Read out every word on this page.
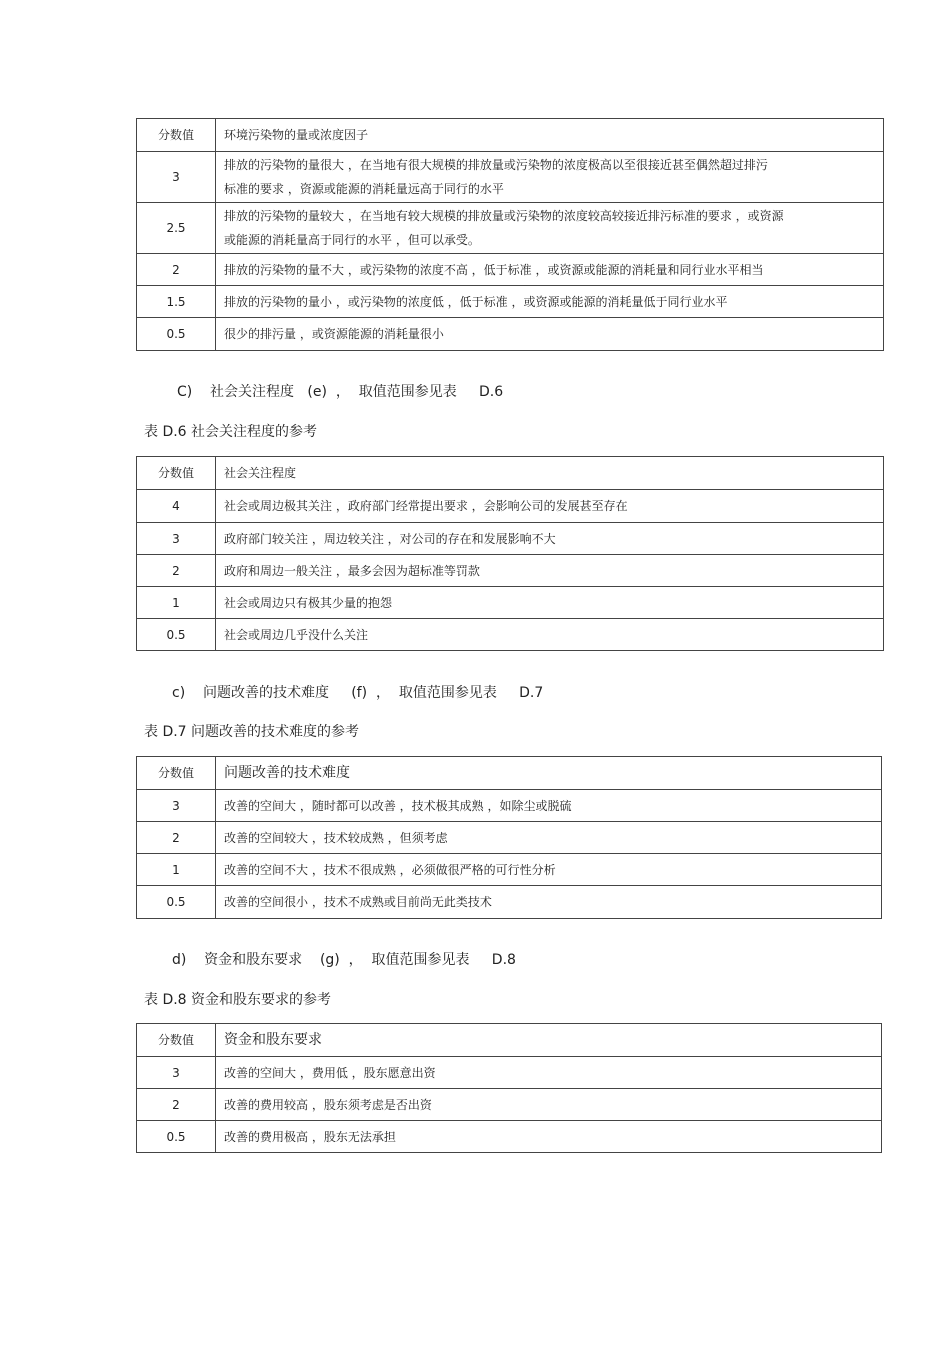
分数值	环境污染物的量或浓度因子
3	排放的污染物的量很大 ，在当地有很大规模的排放量或污染物的浓度极高以至很接近甚至偶然超过排污
标准的要求 ，资源或能源的消耗量远高于同行的水平

2.5	排放的污染物的量较大 ，在当地有较大规模的排放量或污染物的浓度较高较接近排污标准的要求 ，或资源
或能源的消耗量高于同行的水平 ，但可以承受。

2	排放的污染物的量不大 ，或污染物的浓度不高 ，低于标准 ，或资源或能源的消耗量和同行业水平相当
1.5	排放的污染物的量小 ，或污染物的浓度低 ，低于标准 ，或资源或能源的消耗量低于同行业水平
0.5	很少的排污量 ，或资源能源的消耗量很小
C)    社会关注程度   (e)  ，  取值范围参见表     D.6
表 D.6 社会关注程度的参考
分数值	社会关注程度
4	社会或周边极其关注 ，政府部门经常提出要求 ，会影响公司的发展甚至存在
3	政府部门较关注 ，周边较关注 ，对公司的存在和发展影响不大
2	政府和周边一般关注 ，最多会因为超标准等罚款
1	社会或周边只有极其少量的抱怨
0.5	社会或周边几乎没什么关注
c)    问题改善的技术难度     (f)  ，  取值范围参见表     D.7
表 D.7 问题改善的技术难度的参考
分数值	问题改善的技术难度
3	改善的空间大 ，随时都可以改善 ，技术极其成熟 ，如除尘或脱硫
2	改善的空间较大 ，技术较成熟 ，但须考虑
1	改善的空间不大 ，技术不很成熟 ，必须做很严格的可行性分析
0.5	改善的空间很小 ，技术不成熟或目前尚无此类技术
d)    资金和股东要求    (g)  ，  取值范围参见表     D.8
表 D.8 资金和股东要求的参考
分数值	资金和股东要求
3	改善的空间大 ，费用低 ，股东愿意出资
2	改善的费用较高 ，股东须考虑是否出资
0.5	改善的费用极高 ，股东无法承担
